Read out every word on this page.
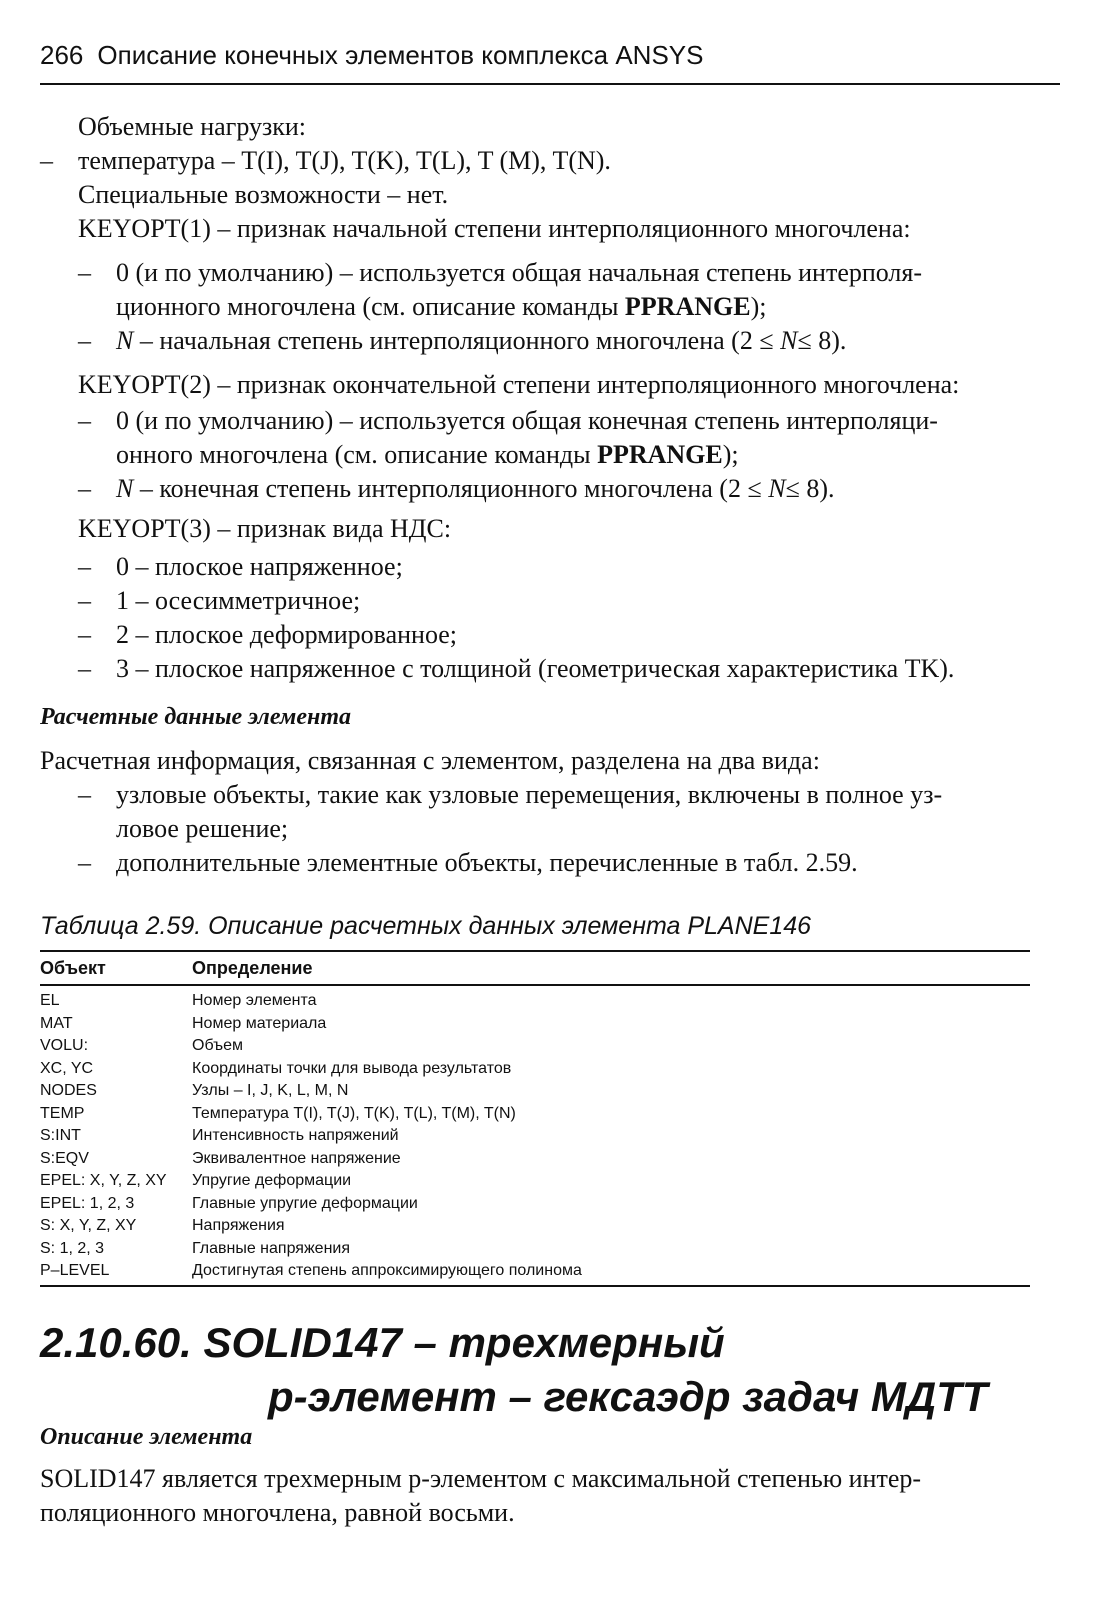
266 Описание конечных элементов комплекса ANSYS
Объемные нагрузки:
– температура – T(I), T(J), T(K), T(L), T (M), T(N).
Специальные возможности – нет.
KEYOPT(1) – признак начальной степени интерполяционного многочлена:
– 0 (и по умолчанию) – используется общая начальная степень интерполя-
ционного многочлена (см. описание команды PPRANGE);
– N – начальная степень интерполяционного многочлена (2 ≤ N≤ 8).
KEYOPT(2) – признак окончательной степени интерполяционного многочлена:
– 0 (и по умолчанию) – используется общая конечная степень интерполяци-
онного многочлена (см. описание команды PPRANGE);
– N – конечная степень интерполяционного многочлена (2 ≤ N≤ 8).
KEYOPT(3) – признак вида НДС:
– 0 – плоское напряженное;
– 1 – осесимметричное;
– 2 – плоское деформированное;
– 3 – плоское напряженное с толщиной (геометрическая характеристика TK).
Расчетные данные элемента
Расчетная информация, связанная с элементом, разделена на два вида:
– узловые объекты, такие как узловые перемещения, включены в полное уз-
ловое решение;
– дополнительные элементные объекты, перечисленные в табл. 2.59.
Таблица 2.59. Описание расчетных данных элемента PLANE146
Объект	Определение
EL	Номер элемента
MAT	Номер материала
VOLU:	Объем
XC, YC	Координаты точки для вывода результатов
NODES	Узлы – I, J, K, L, M, N
TEMP	Температура T(I), T(J), T(K), T(L), T(M), T(N)
S:INT	Интенсивность напряжений
S:EQV	Эквивалентное напряжение
EPEL: X, Y, Z, XY	Упругие деформации
EPEL: 1, 2, 3	Главные упругие деформации
S: X, Y, Z, XY	Напряжения
S: 1, 2, 3	Главные напряжения
P–LEVEL	Достигнутая степень аппроксимирующего полинома
2.10.60. SOLID147 – трехмерный
p-элемент – гексаэдр задач МДТТ
Описание элемента
SOLID147 является трехмерным p-элементом с максимальной степенью интер-
поляционного многочлена, равной восьми.
